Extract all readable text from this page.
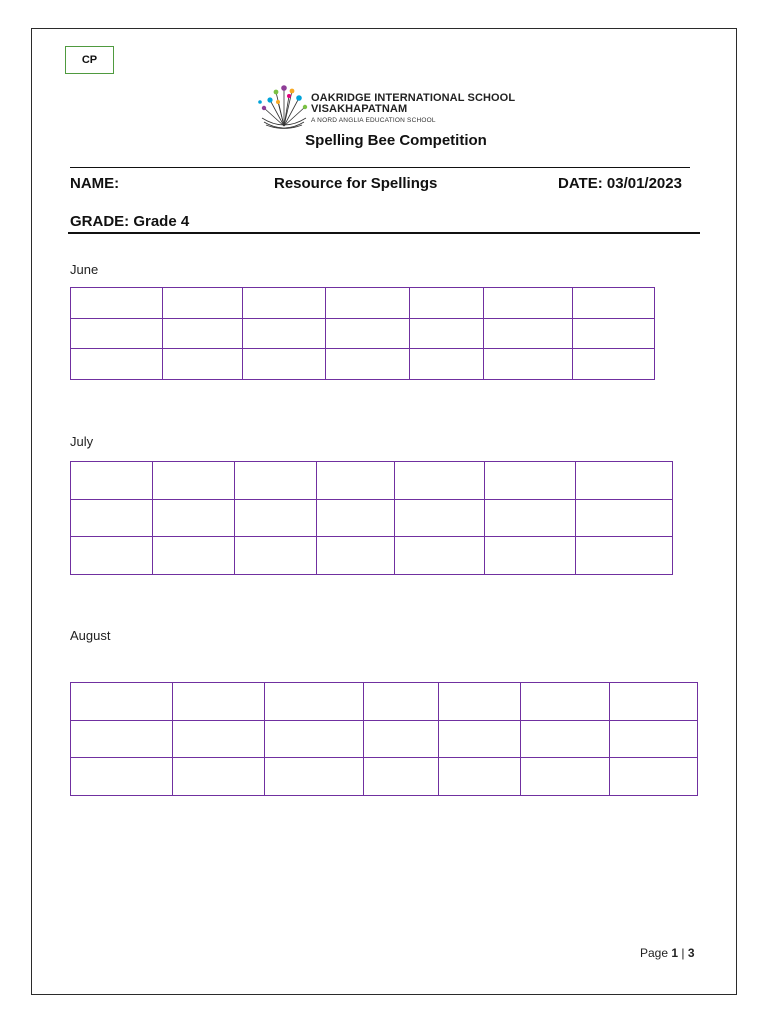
CP
OAKRIDGE INTERNATIONAL SCHOOL
VISAKHAPATNAM
A NORD ANGLIA EDUCATION SCHOOL
Spelling Bee Competition
NAME:	Resource for Spellings	DATE: 03/01/2023
GRADE: Grade 4
June

July

August

Page 1 | 3
